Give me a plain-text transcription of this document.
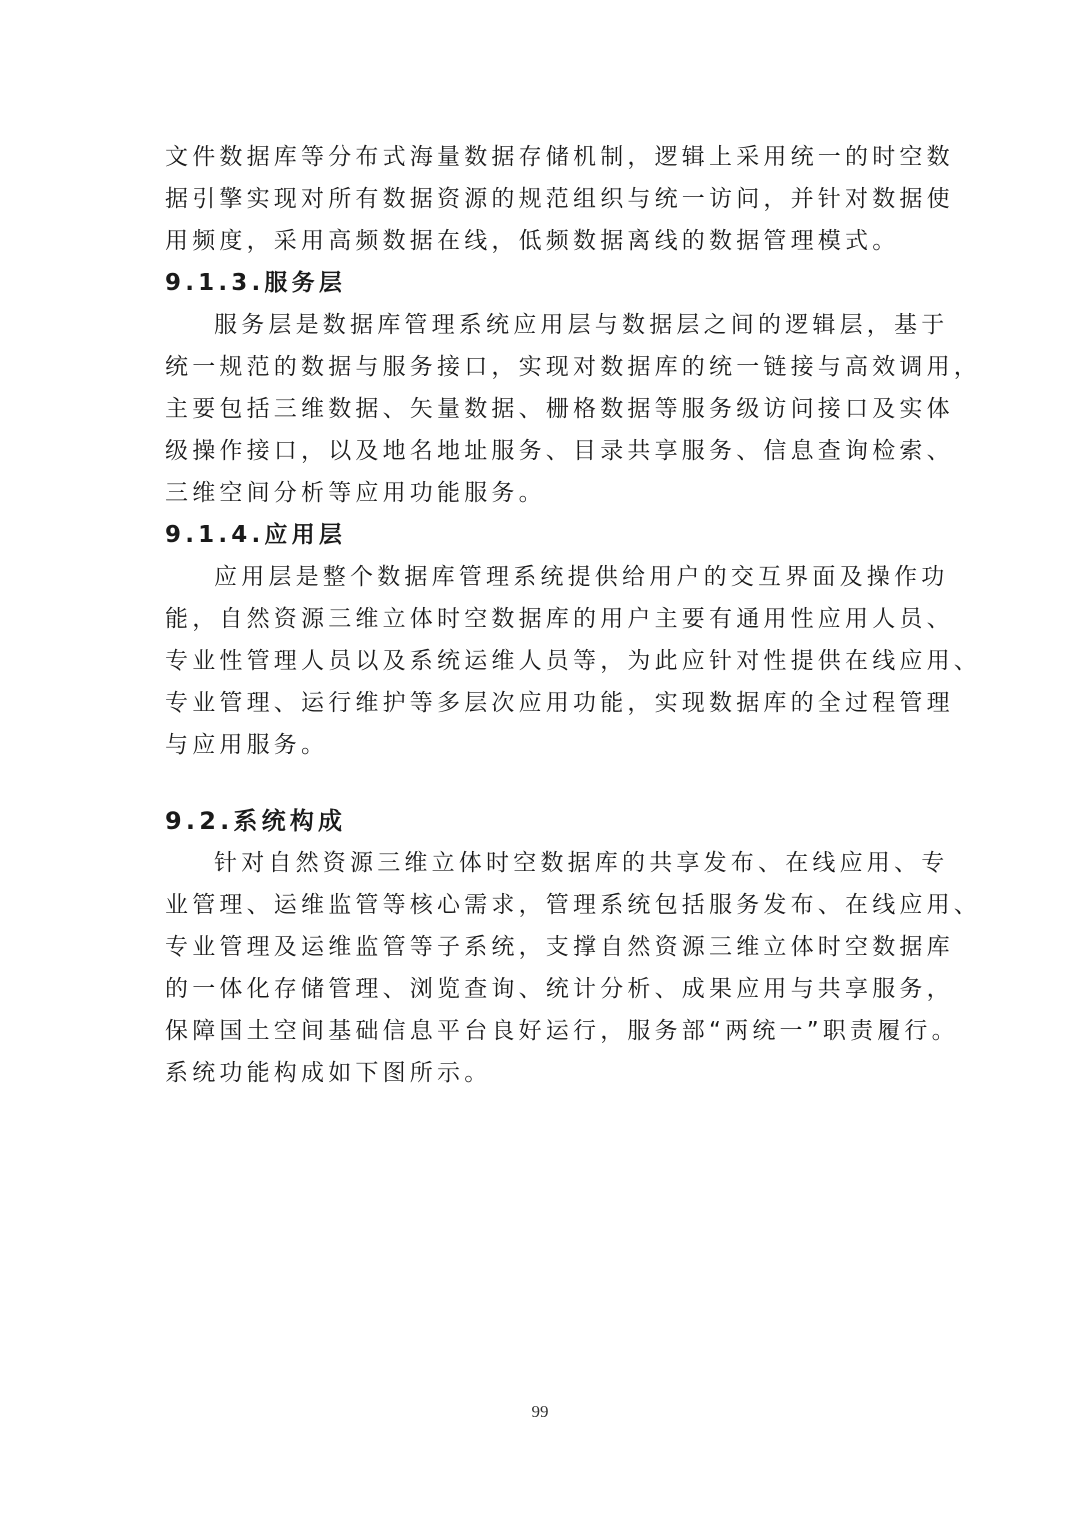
文件数据库等分布式海量数据存储机制，逻辑上采用统一的时空数
据引擎实现对所有数据资源的规范组织与统一访问，并针对数据使
用频度，采用高频数据在线，低频数据离线的数据管理模式。
9.1.3.服务层
服务层是数据库管理系统应用层与数据层之间的逻辑层，基于
统一规范的数据与服务接口，实现对数据库的统一链接与高效调用，
主要包括三维数据、矢量数据、栅格数据等服务级访问接口及实体
级操作接口，以及地名地址服务、目录共享服务、信息查询检索、
三维空间分析等应用功能服务。
9.1.4.应用层
应用层是整个数据库管理系统提供给用户的交互界面及操作功
能，自然资源三维立体时空数据库的用户主要有通用性应用人员、
专业性管理人员以及系统运维人员等，为此应针对性提供在线应用、
专业管理、运行维护等多层次应用功能，实现数据库的全过程管理
与应用服务。
9.2.系统构成
针对自然资源三维立体时空数据库的共享发布、在线应用、专
业管理、运维监管等核心需求，管理系统包括服务发布、在线应用、
专业管理及运维监管等子系统，支撑自然资源三维立体时空数据库
的一体化存储管理、浏览查询、统计分析、成果应用与共享服务，
保障国土空间基础信息平台良好运行，服务部“两统一”职责履行。
系统功能构成如下图所示。
99
